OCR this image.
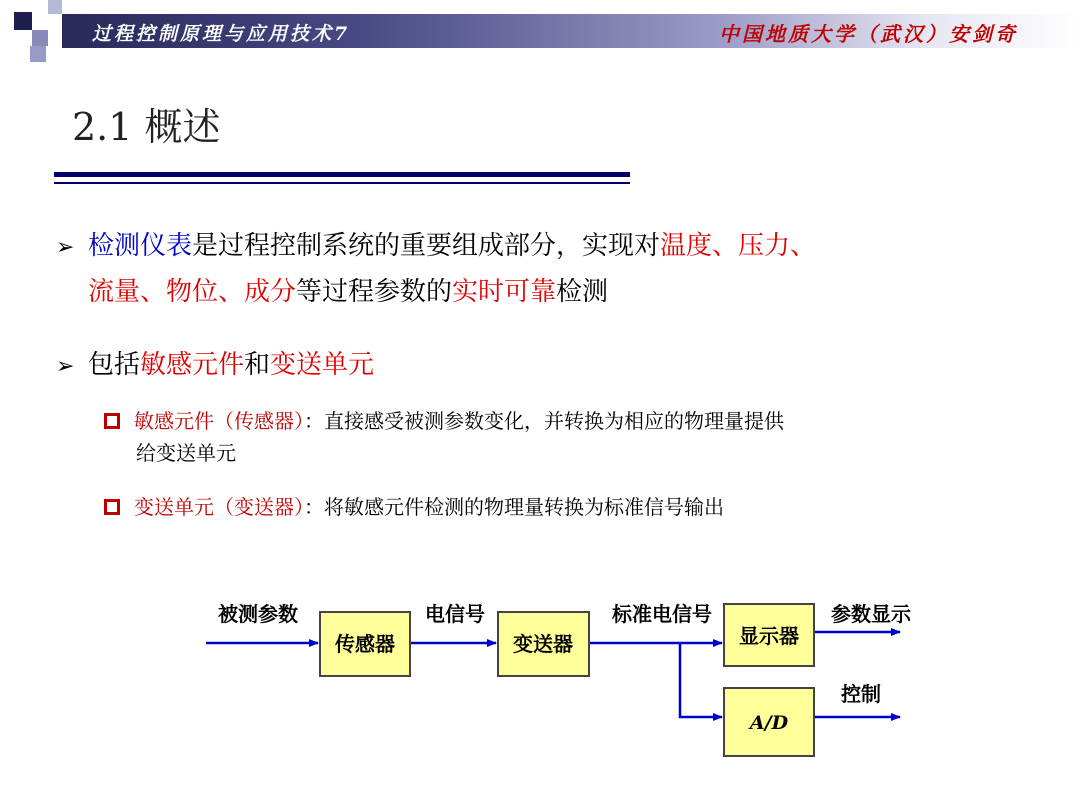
过程控制原理与应用技术7	中国地质大学（武汉）安剑奇
2.1 概述
➢ 检测仪表是过程控制系统的重要组成部分，实现对温度、压力、
流量、物位、成分等过程参数的实时可靠检测
➢ 包括敏感元件和变送单元
敏感元件（传感器）：直接感受被测参数变化，并转换为相应的物理量提供
给变送单元
变送单元（变送器）：将敏感元件检测的物理量转换为标准信号输出
被测参数
传感器
电信号
变送器
标准电信号
显示器
参数显示
A/D
控制
